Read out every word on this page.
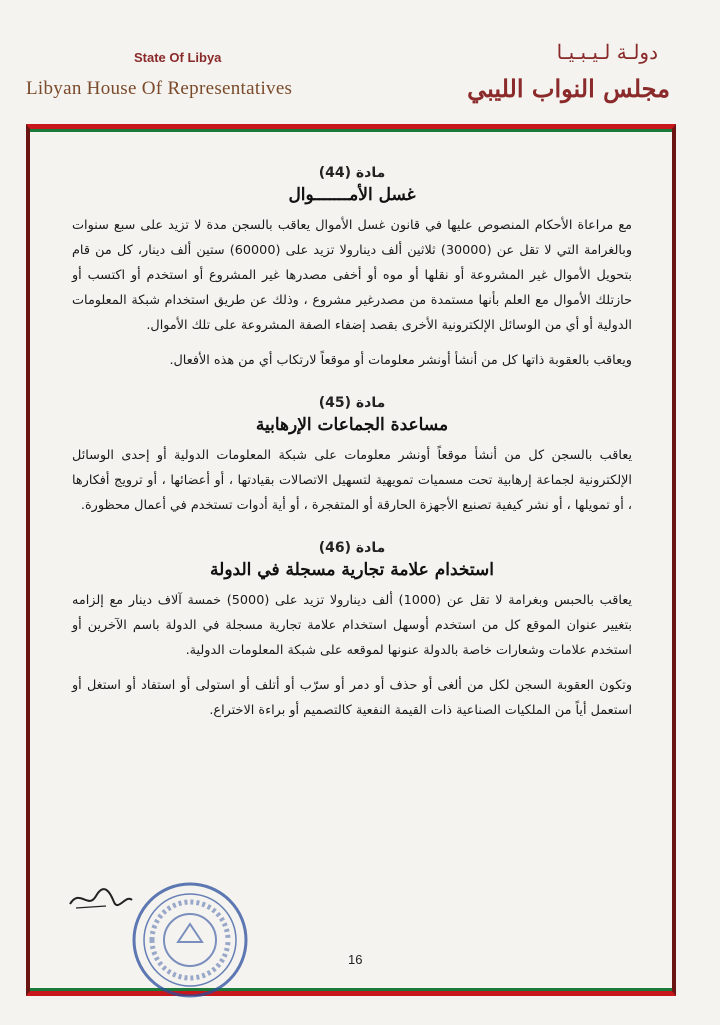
State Of Libya
Libyan House Of Representatives
دولـة لـيـبـيـا
مجلس النواب الليبي
مادة (44)
غسل الأمـــــــوال

مع مراعاة الأحكام المنصوص عليها في قانون غسل الأموال يعاقب بالسجن مدة لا تزيد على سبع سنوات وبالغرامة التي لا تقل عن (30000) ثلاثين ألف دينارولا تزيد على (60000) ستين ألف دينار، كل من قام بتحويل الأموال غير المشروعة أو نقلها أو موه أو أخفى مصدرها غير المشروع أو استخدم أو اكتسب أو حازتلك الأموال مع العلم بأنها مستمدة من مصدرغير مشروع ، وذلك عن طريق استخدام شبكة المعلومات الدولية أو أي من الوسائل الإلكترونية الأخرى بقصد إضفاء الصفة المشروعة على تلك الأموال.

ويعاقب بالعقوبة ذاتها كل من أنشأ أونشر معلومات أو موقعاً لارتكاب أي من هذه الأفعال.

مادة (45)
مساعدة الجماعات الإرهابية

يعاقب بالسجن كل من أنشأ موقعاً أونشر معلومات على شبكة المعلومات الدولية أو إحدى الوسائل الإلكترونية لجماعة إرهابية تحت مسميات تمويهية لتسهيل الاتصالات بقيادتها ، أو أعضائها ، أو ترويج أفكارها ، أو تمويلها ، أو نشر كيفية تصنيع الأجهزة الحارقة أو المتفجرة ، أو أية أدوات تستخدم في أعمال محظورة.

مادة (46)
استخدام علامة تجارية مسجلة في الدولة

يعاقب بالحبس وبغرامة لا تقل عن (1000) ألف دينارولا تزيد على (5000) خمسة آلاف دينار مع إلزامه بتغيير عنوان الموقع كل من استخدم أوسهل استخدام علامة تجارية مسجلة في الدولة باسم الآخرين أو استخدم علامات وشعارات خاصة بالدولة عنونها لموقعه على شبكة المعلومات الدولية.

وتكون العقوبة السجن لكل من ألغى أو حذف أو دمر أو سرّب أو أتلف أو استولى أو استفاد أو استغل أو استعمل أياً من الملكيات الصناعية ذات القيمة النفعية كالتصميم أو براءة الاختراع.

16
